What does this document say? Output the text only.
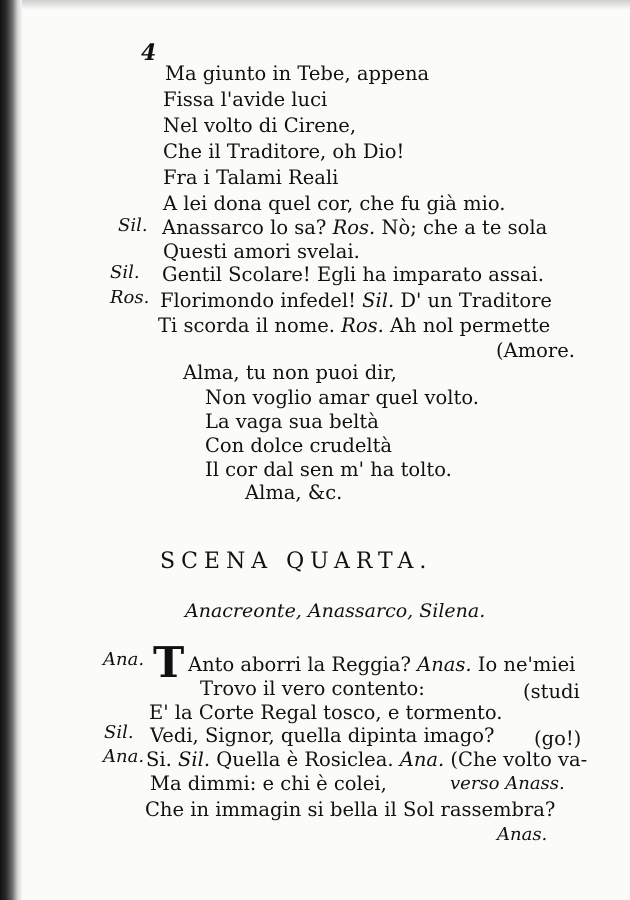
4
Ma giunto in Tebe, appena
Fissa l'avide luci
Nel volto di Cirene,
Che il Traditore, oh Dio!
Fra i Talami Reali
A lei dona quel cor, che fu già mio.
Sil. Anassarco lo sa? Ros. Nò; che a te sola
Questi amori svelai.
Sil. Gentil Scolare! Egli ha imparato assai.
Ros. Florimondo infedel! Sil. D' un Traditore
Ti scorda il nome. Ros. Ah nol permette
(Amore.
Alma, tu non puoi dir,
Non voglio amar quel volto.
La vaga sua beltà
Con dolce crudeltà
Il cor dal sen m' ha tolto.
Alma, &c.
SCENA QUARTA.
Anacreonte, Anassarco, Silena.
Ana. T Anto aborri la Reggia? Anas. Io ne'miei
Trovo il vero contento:	(studi
E' la Corte Regal tosco, e tormento.
Sil. Vedi, Signor, quella dipinta imago? (go!)
Ana. Si. Sil. Quella è Rosiclea. Ana. (Che volto va-
Ma dimmi: e chi è colei,	verso Anass.
Che in immagin si bella il Sol rassembra?
Anas.
